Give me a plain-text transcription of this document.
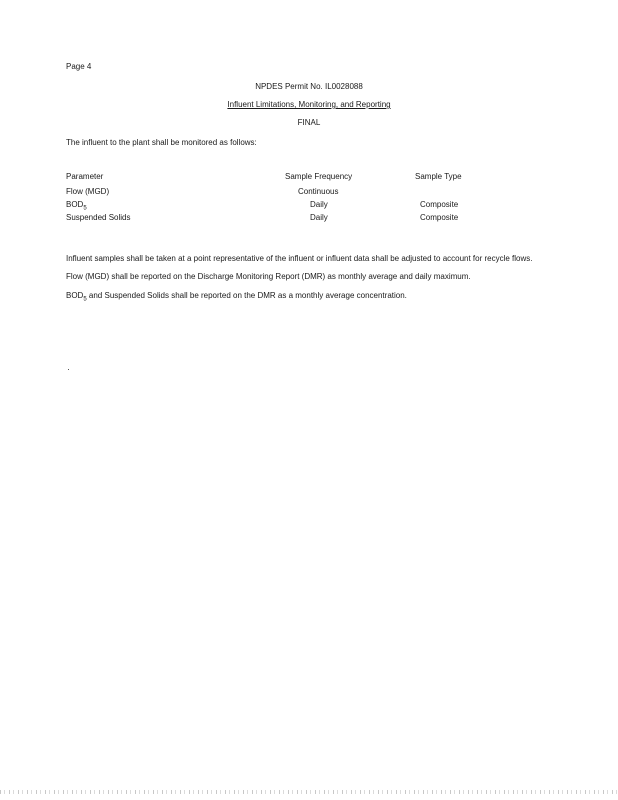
Page 4
NPDES Permit No. IL0028088
Influent Limitations, Monitoring, and Reporting
FINAL
The influent to the plant shall be monitored as follows:
Parameter	Sample Frequency	Sample Type
Flow (MGD)	Continuous
$BOD_5$	Daily	Composite
Suspended Solids	Daily	Composite
Influent samples shall be taken at a point representative of the influent or influent data shall be adjusted to account for recycle flows.
Flow (MGD) shall be reported on the Discharge Monitoring Report (DMR) as monthly average and daily maximum.
$BOD_5$ and Suspended Solids shall be reported on the DMR as a monthly average concentration.
